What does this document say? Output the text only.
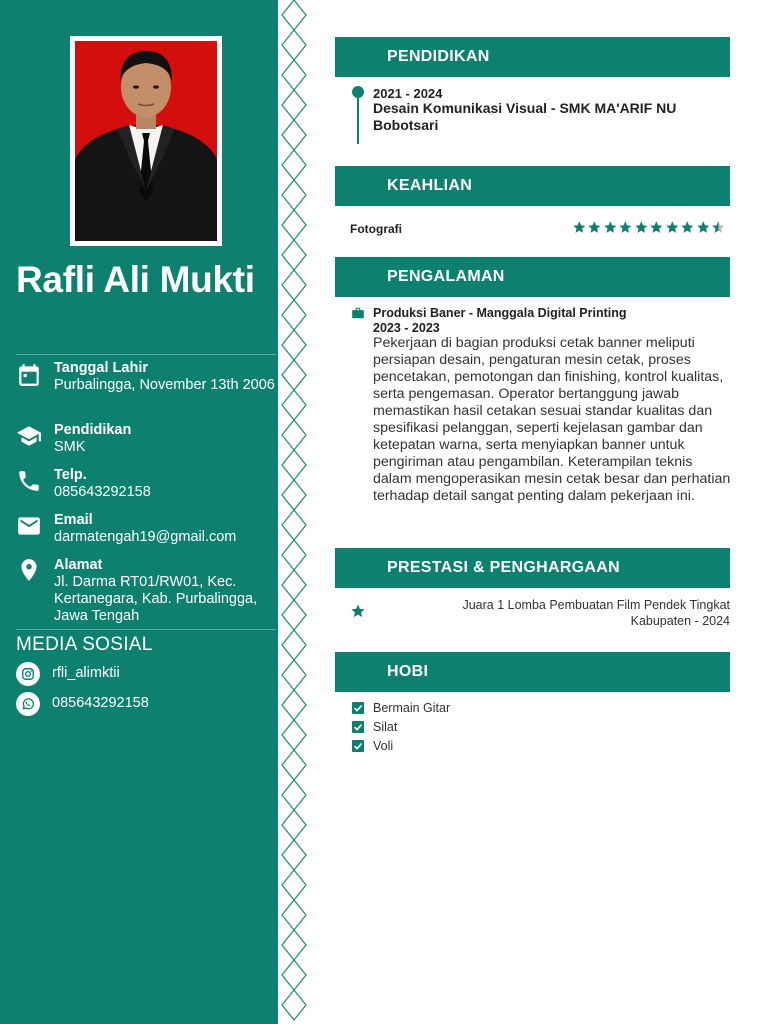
Rafli Ali Mukti
Tanggal Lahir
Purbalingga, November 13th 2006
Pendidikan
SMK
Telp.
085643292158
Email
darmatengah19@gmail.com
Alamat
Jl. Darma RT01/RW01, Kec. Kertanegara, Kab. Purbalingga, Jawa Tengah
MEDIA SOSIAL
rfli_alimktii
085643292158
PENDIDIKAN
2021 - 2024
Desain Komunikasi Visual - SMK MA'ARIF NU Bobotsari
KEAHLIAN
Fotografi
PENGALAMAN
Produksi Baner - Manggala Digital Printing
2023 - 2023
Pekerjaan di bagian produksi cetak banner meliputi persiapan desain, pengaturan mesin cetak, proses pencetakan, pemotongan dan finishing, kontrol kualitas, serta pengemasan. Operator bertanggung jawab memastikan hasil cetakan sesuai standar kualitas dan spesifikasi pelanggan, seperti kejelasan gambar dan ketepatan warna, serta menyiapkan banner untuk pengiriman atau pengambilan. Keterampilan teknis dalam mengoperasikan mesin cetak besar dan perhatian terhadap detail sangat penting dalam pekerjaan ini.
PRESTASI & PENGHARGAAN
Juara 1 Lomba Pembuatan Film Pendek Tingkat Kabupaten - 2024
HOBI
Bermain Gitar
Silat
Voli
